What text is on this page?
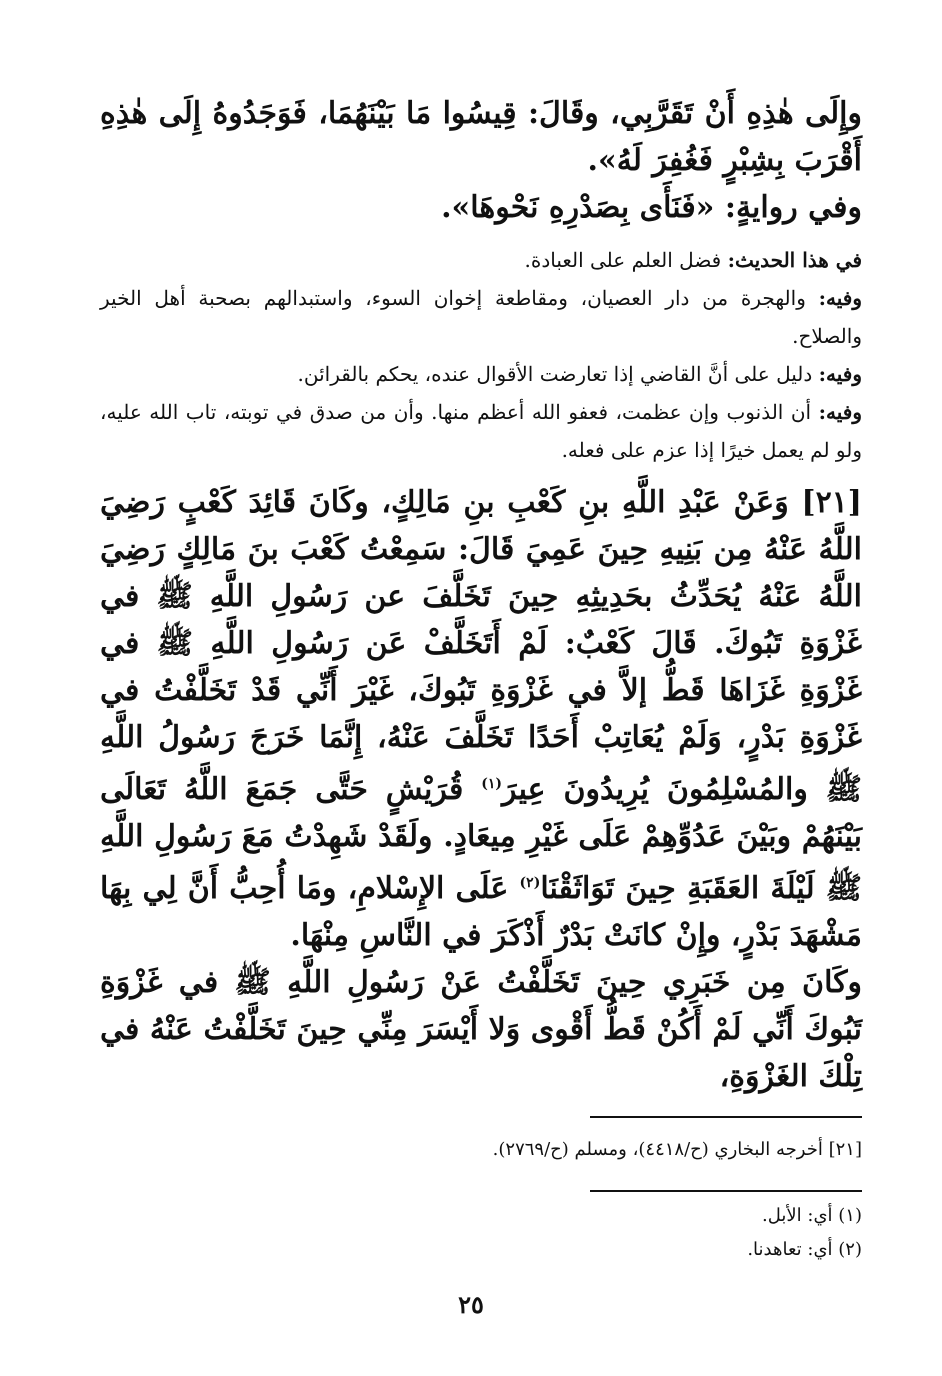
وإِلَى هٰذِهِ أَنْ تَقَرَّبِي، وقَالَ: قِيسُوا مَا بَيْنَهُمَا، فَوَجَدُوهُ إِلَى هٰذِهِ أَقْرَبَ بِشِبْرٍ فَغُفِرَ لَهُ».

وفي روايةٍ: «فَنَأَى بِصَدْرِهِ نَحْوهَا».

في هذا الحديث: فضل العلم على العبادة.

وفيه: والهجرة من دار العصيان، ومقاطعة إخوان السوء، واستبدالهم بصحبة أهل الخير والصلاح.

وفيه: دليل على أنَّ القاضي إذا تعارضت الأقوال عنده، يحكم بالقرائن.

وفيه: أن الذنوب وإن عظمت، فعفو الله أعظم منها. وأن من صدق في توبته، تاب الله عليه، ولو لم يعمل خيرًا إذا عزم على فعله.

[٢١] وَعَنْ عَبْدِ اللَّهِ بنِ كَعْبِ بنِ مَالِكٍ، وكَانَ قَائِدَ كَعْبٍ رَضِيَ اللَّهُ عَنْهُ مِن بَنِيهِ حِينَ عَمِيَ قَالَ: سَمِعْتُ كَعْبَ بنَ مَالِكٍ رَضِيَ اللَّهُ عَنْهُ يُحَدِّثُ بحَدِيثِهِ حِينَ تَخَلَّفَ عن رَسُولِ اللَّهِ ﷺ في غَزْوَةِ تَبُوكَ. قَالَ كَعْبٌ: لَمْ أَتَخَلَّفْ عَن رَسُولِ اللَّهِ ﷺ في غَزْوَةِ غَزَاهَا قَطُّ إلاَّ في غَزْوَةِ تَبُوكَ، غَيْرَ أَنِّي قَدْ تَخَلَّفْتُ في غَزْوَةِ بَدْرٍ، وَلَمْ يُعَاتِبْ أَحَدًا تَخَلَّفَ عَنْهُ، إِنَّمَا خَرَجَ رَسُولُ اللَّهِ ﷺ والمُسْلِمُونَ يُرِيدُونَ عِيرَ$^{(١)}$ قُرَيْشٍ حَتَّى جَمَعَ اللَّهُ تَعَالَى بَيْنَهُمْ وبَيْنَ عَدُوِّهِمْ عَلَى غَيْرِ مِيعَادٍ. ولَقَدْ شَهِدْتُ مَعَ رَسُولِ اللَّهِ ﷺ لَيْلَةَ العَقَبَةِ حِينَ تَوَاثَقْنَا$^{(٢)}$ عَلَى الإِسْلامِ، ومَا أُحِبُّ أَنَّ لِي بِهَا مَشْهَدَ بَدْرٍ، وإِنْ كانَتْ بَدْرٌ أَذْكَرَ في النَّاسِ مِنْهَا.

وكَانَ مِن خَبَرِي حِينَ تَخَلَّفْتُ عَنْ رَسُولِ اللَّهِ ﷺ في غَزْوَةِ تَبُوكَ أَنِّي لَمْ أَكُنْ قَطُّ أَقْوى وَلا أَيْسَرَ مِنِّي حِينَ تَخَلَّفْتُ عَنْهُ في تِلْكَ الغَزْوَةِ،

[٢١] أخرجه البخاري (ح/٤٤١٨)، ومسلم (ح/٢٧٦٩).
(١) أي: الأبل.
(٢) أي: تعاهدنا.
٢٥
